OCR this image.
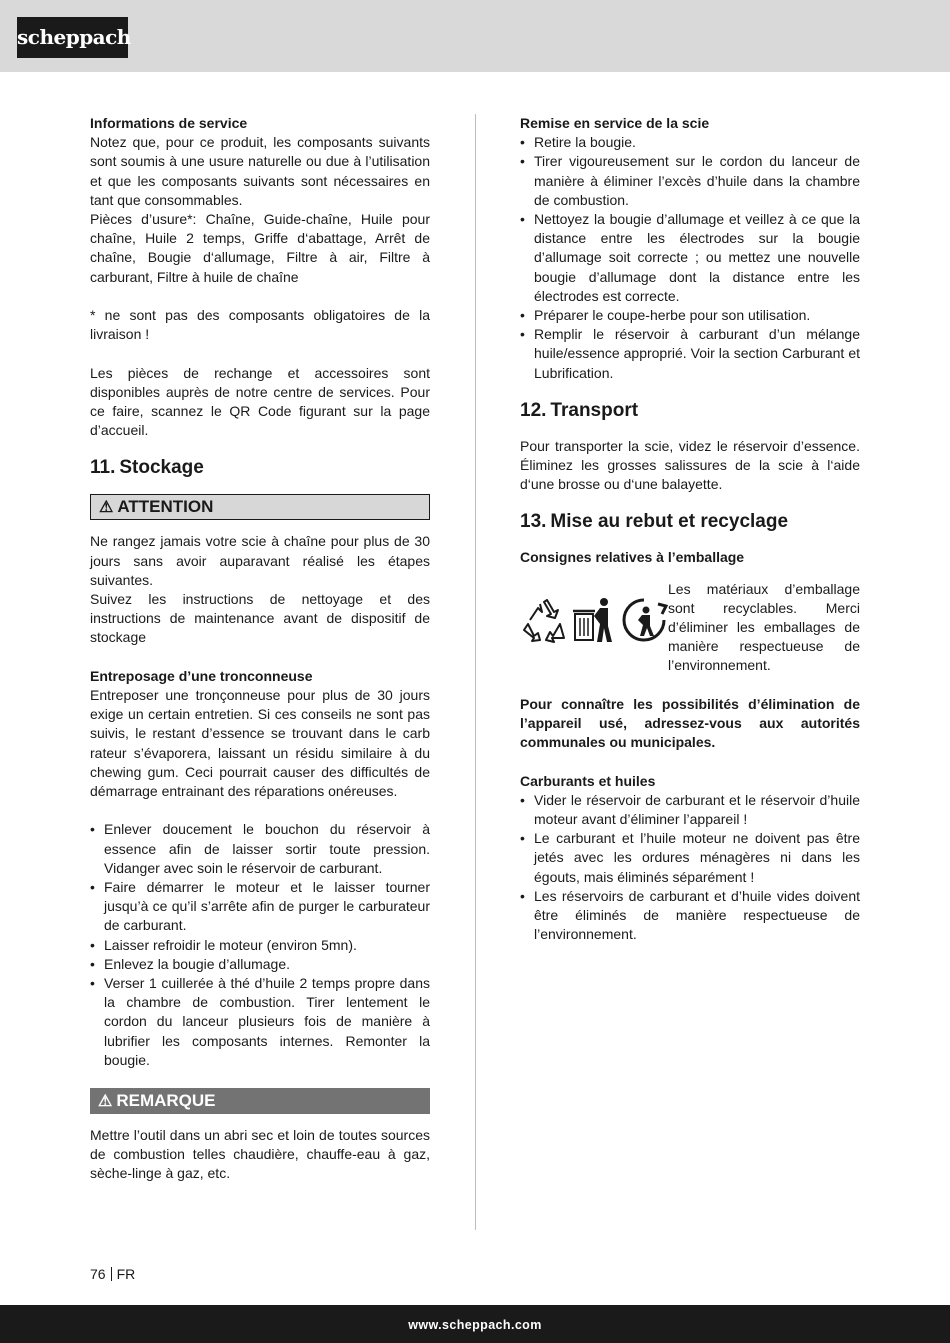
scheppach

Informations de service

Notez que, pour ce produit, les composants suivants sont soumis à une usure naturelle ou due à l’utilisation et que les composants suivants sont nécessaires en tant que consommables.

Pièces d’usure*: Chaîne, Guide-chaîne, Huile pour chaîne, Huile 2 temps, Griffe d‘abattage, Arrêt de chaîne, Bougie d‘allumage, Filtre à air, Filtre à carburant, Filtre à huile de chaîne

* ne sont pas des composants obligatoires de la livraison !

Les pièces de rechange et accessoires sont disponibles auprès de notre centre de services. Pour ce faire, scannez le QR Code figurant sur la page d’accueil.

11. Stockage
⚠ ATTENTION

Ne rangez jamais votre scie à chaîne pour plus de 30 jours sans avoir auparavant réalisé les étapes suivantes.

Suivez les instructions de nettoyage et des instructions de maintenance avant de dispositif de stockage

Entreposage d’une tronconneuse

Entreposer une tronçonneuse pour plus de 30 jours exige un certain entretien. Si ces conseils ne sont pas suivis, le restant d’essence se trouvant dans le carb rateur s’évaporera, laissant un résidu similaire à du chewing gum. Ceci pourrait causer des difficultés de démarrage entrainant des réparations onéreuses.

• Enlever doucement le bouchon du réservoir à essence afin de laisser sortir toute pression. Vidanger avec soin le réservoir de carburant.
• Faire démarrer le moteur et le laisser tourner jusqu’à ce qu’il s’arrête afin de purger le carburateur de carburant.
• Laisser refroidir le moteur (environ 5mn).
• Enlevez la bougie d’allumage.
• Verser 1 cuillerée à thé d’huile 2 temps propre dans la chambre de combustion. Tirer lentement le cordon du lanceur plusieurs fois de manière à lubrifier les composants internes. Remonter la bougie.
⚠ REMARQUE

Mettre l’outil dans un abri sec et loin de toutes sources de combustion telles chaudière, chauffe-eau à gaz, sèche-linge à gaz, etc.

Remise en service de la scie

• Retire la bougie.
• Tirer vigoureusement sur le cordon du lanceur de manière à éliminer l’excès d’huile dans la chambre de combustion.
• Nettoyez la bougie d’allumage et veillez à ce que la distance entre les électrodes sur la bougie d’allumage soit correcte ; ou mettez une nouvelle bougie d’allumage dont la distance entre les électrodes est correcte.
• Préparer le coupe-herbe pour son utilisation.
• Remplir le réservoir à carburant d’un mélange huile/essence approprié. Voir la section Carburant et Lubrification.
12. Transport

Pour transporter la scie, videz le réservoir d’essence. Éliminez les grosses salissures de la scie à l‘aide d‘une brosse ou d‘une balayette.

13. Mise au rebut et recyclage

Consignes relatives à l’emballage

Les matériaux d’emballage sont recyclables. Merci d’éliminer les emballages de manière respectueuse de l’environnement.

Pour connaître les possibilités d’élimination de l’appareil usé, adressez-vous aux autorités communales ou municipales.

Carburants et huiles

• Vider le réservoir de carburant et le réservoir d’huile moteur avant d’éliminer l’appareil !
• Le carburant et l’huile moteur ne doivent pas être jetés avec les ordures ménagères ni dans les égouts, mais éliminés séparément !
• Les réservoirs de carburant et d’huile vides doivent être éliminés de manière respectueuse de l’environnement.
76 FR
www.scheppach.com
